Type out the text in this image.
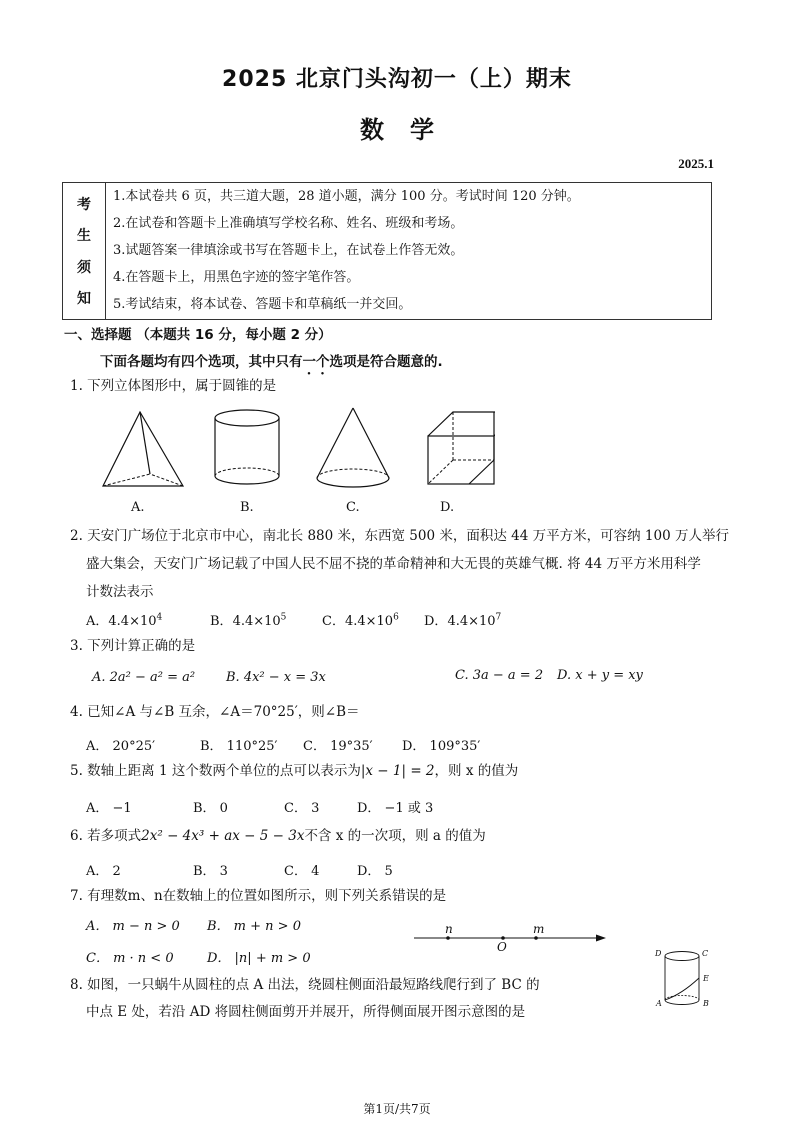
2025 北京门头沟初一（上）期末
数学
2025.1
考
生
须
知
1.本试卷共 6 页，共三道大题，28 道小题，满分 100 分。考试时间 120 分钟。
2.在试卷和答题卡上准确填写学校名称、姓名、班级和考场。
3.试题答案一律填涂或书写在答题卡上，在试卷上作答无效。
4.在答题卡上，用黑色字迹的签字笔作答。
5.考试结束，将本试卷、答题卡和草稿纸一并交回。
一、选择题 （本题共 16 分，每小题 2 分）
下面各题均有四个选项，其中只有一个选项是符合题意的.
1. 下列立体图形中，属于圆锥的是
A.	B.	C.	D.
2. 天安门广场位于北京市中心，南北长 880 米，东西宽 500 米，面积达 44 万平方米，可容纳 100 万人举行
盛大集会，天安门广场记载了中国人民不屈不挠的革命精神和大无畏的英雄气概. 将 44 万平方米用科学
计数法表示
A．$4.4\times 10^4$	B．$4.4\times 10^5$	C．$4.4\times 10^6$ D．$4.4\times 10^7$
3. 下列计算正确的是
A. 2a² − a² = a² B. 4x² − x = 3x	C. 3a − a = 2 D. x + y = xy
4. 已知∠A 与∠B 互余，∠A＝70°25′，则∠B＝
A． 20°25′	B． 110°25′ C． 19°35′ D． 109°35′
5. 数轴上距离 1 这个数两个单位的点可以表示为|x − 1| = 2，则 x 的值为
A． −1	B． 0	C． 3	D． −1 或 3
6. 若多项式2x² − 4x³ + ax − 5 − 3x不含 x 的一次项，则 a 的值为
A． 2	B． 3	C． 4	D． 5
7. 有理数m、n在数轴上的位置如图所示，则下列关系错误的是
A． m − n > 0 B． m + n > 0
C． m · n < 0	D． |n| + m > 0
n
O
m
8. 如图，一只蜗牛从圆柱的点 A 出法，绕圆柱侧面沿最短路线爬行到了 BC 的
中点 E 处，若沿 AD 将圆柱侧面剪开并展开，所得侧面展开图示意图的是
D	C
E
A	B
第1页/共7页
